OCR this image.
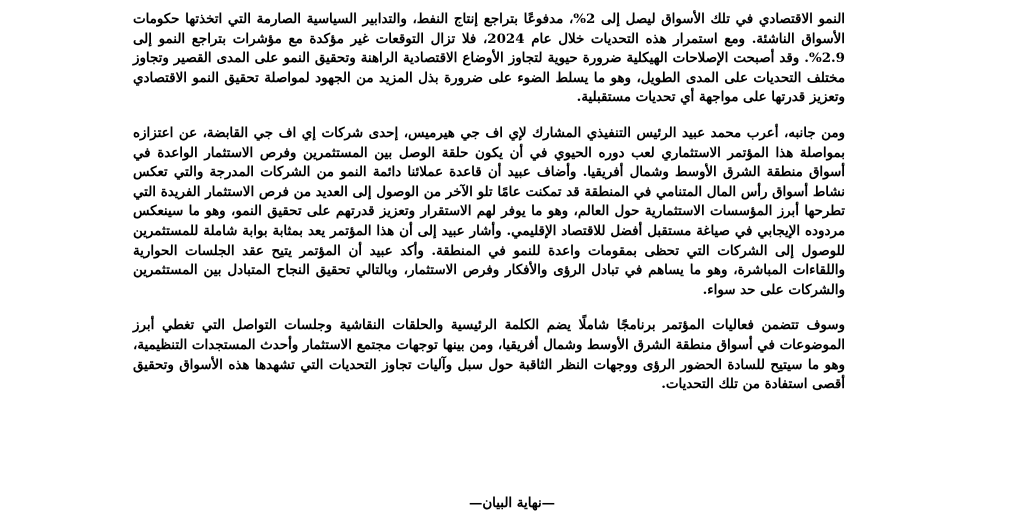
النمو الاقتصادي في تلك الأسواق ليصل إلى 2%، مدفوعًا بتراجع إنتاج النفط، والتدابير السياسية الصارمة التي اتخذتها حكومات الأسواق الناشئة. ومع استمرار هذه التحديات خلال عام 2024، فلا تزال التوقعات غير مؤكدة مع مؤشرات بتراجع النمو إلى 2.9%. وقد أصبحت الإصلاحات الهيكلية ضرورة حيوية لتجاوز الأوضاع الاقتصادية الراهنة وتحقيق النمو على المدى القصير وتجاوز مختلف التحديات على المدى الطويل، وهو ما يسلط الضوء على ضرورة بذل المزيد من الجهود لمواصلة تحقيق النمو الاقتصادي وتعزيز قدرتها على مواجهة أي تحديات مستقبلية.

ومن جانبه، أعرب محمد عبيد الرئيس التنفيذي المشارك لإي اف جي هيرميس، إحدى شركات إي اف جي القابضة، عن اعتزازه بمواصلة هذا المؤتمر الاستثماري لعب دوره الحيوي في أن يكون حلقة الوصل بين المستثمرين وفرص الاستثمار الواعدة في أسواق منطقة الشرق الأوسط وشمال أفريقيا. وأضاف عبيد أن قاعدة عملائنا دائمة النمو من الشركات المدرجة والتي تعكس نشاط أسواق رأس المال المتنامي في المنطقة قد تمكنت عامًا تلو الآخر من الوصول إلى العديد من فرص الاستثمار الفريدة التي تطرحها أبرز المؤسسات الاستثمارية حول العالم، وهو ما يوفر لهم الاستقرار وتعزيز قدرتهم على تحقيق النمو، وهو ما سينعكس مردوده الإيجابي في صياغة مستقبل أفضل للاقتصاد الإقليمي. وأشار عبيد إلى أن هذا المؤتمر يعد بمثابة بوابة شاملة للمستثمرين للوصول إلى الشركات التي تحظى بمقومات واعدة للنمو في المنطقة. وأكد عبيد أن المؤتمر يتيح عقد الجلسات الحوارية واللقاءات المباشرة، وهو ما يساهم في تبادل الرؤى والأفكار وفرص الاستثمار، وبالتالي تحقيق النجاح المتبادل بين المستثمرين والشركات على حد سواء.

وسوف تتضمن فعاليات المؤتمر برنامجًا شاملًا يضم الكلمة الرئيسية والحلقات النقاشية وجلسات التواصل التي تغطي أبرز الموضوعات في أسواق منطقة الشرق الأوسط وشمال أفريقيا، ومن بينها توجهات مجتمع الاستثمار وأحدث المستجدات التنظيمية، وهو ما سيتيح للسادة الحضور الرؤى ووجهات النظر الثاقبة حول سبل وآليات تجاوز التحديات التي تشهدها هذه الأسواق وتحقيق أقصى استفادة من تلك التحديات.

—نهاية البيان—
